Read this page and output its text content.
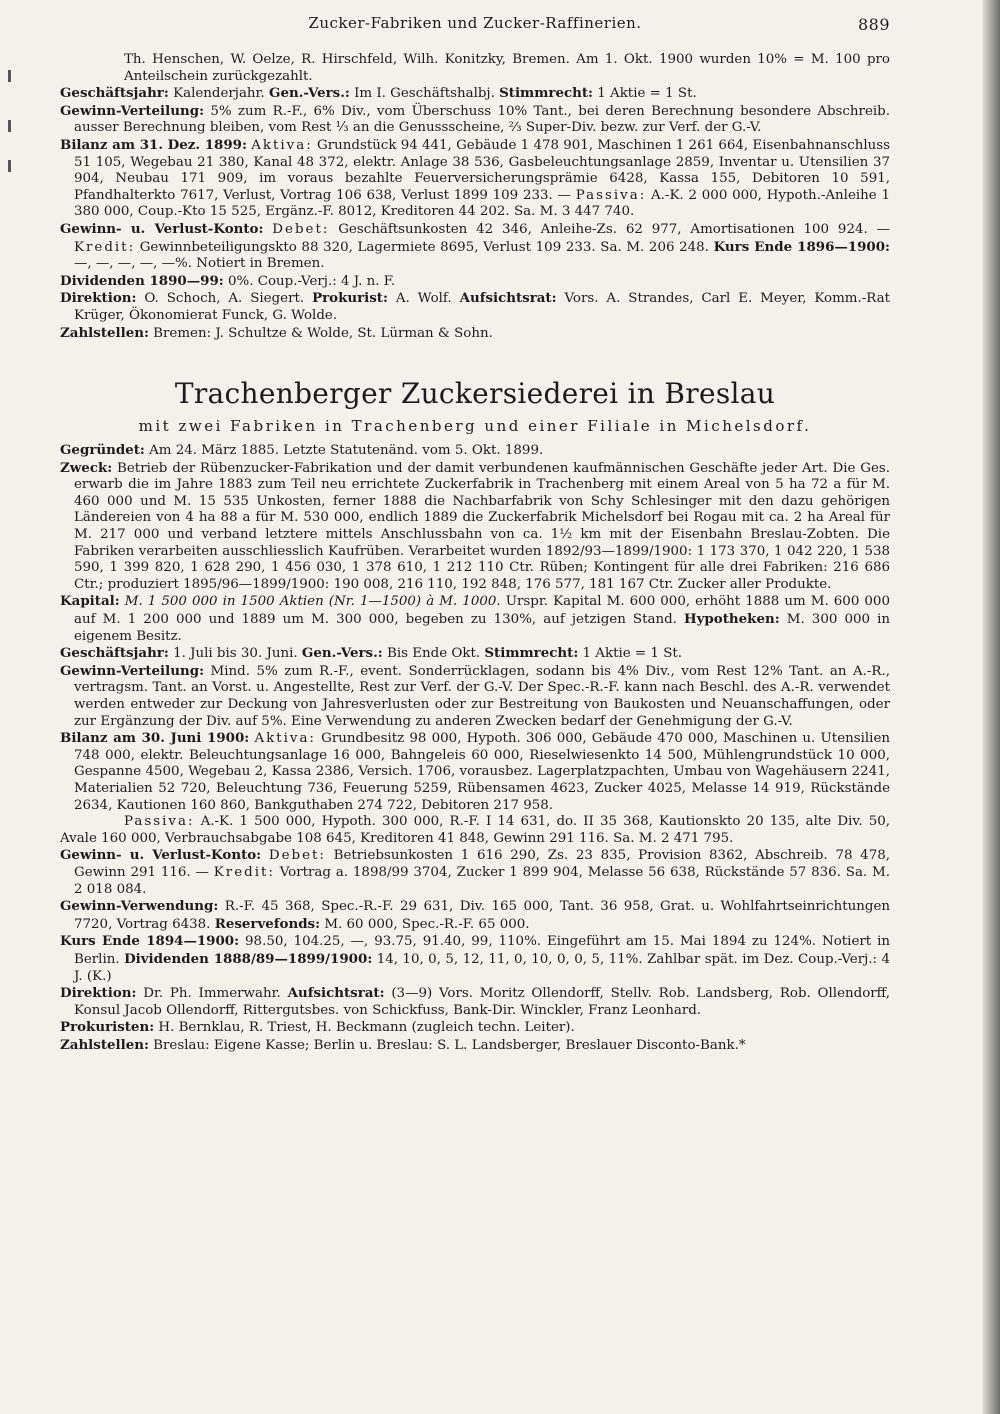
Zucker-Fabriken und Zucker-Raffinerien.	889

Th. Henschen, W. Oelze, R. Hirschfeld, Wilh. Konitzky, Bremen. Am 1. Okt. 1900 wurden 10% = M. 100 pro Anteilschein zurückgezahlt.

Geschäftsjahr: Kalenderjahr. Gen.-Vers.: Im I. Geschäftshalbj. Stimmrecht: 1 Aktie = 1 St.

Gewinn-Verteilung: 5% zum R.-F., 6% Div., vom Überschuss 10% Tant., bei deren Berechnung besondere Abschreib. ausser Berechnung bleiben, vom Rest ⅓ an die Genussscheine, ⅔ Super-Div. bezw. zur Verf. der G.-V.

Bilanz am 31. Dez. 1899: Aktiva: Grundstück 94 441, Gebäude 1 478 901, Maschinen 1 261 664, Eisenbahnanschluss 51 105, Wegebau 21 380, Kanal 48 372, elektr. Anlage 38 536, Gasbeleuchtungsanlage 2859, Inventar u. Utensilien 37 904, Neubau 171 909, im voraus bezahlte Feuerversicherungsprämie 6428, Kassa 155, Debitoren 10 591, Pfandhalterkto 7617, Verlust, Vortrag 106 638, Verlust 1899 109 233. — Passiva: A.-K. 2 000 000, Hypoth.-Anleihe 1 380 000, Coup.-Kto 15 525, Ergänz.-F. 8012, Kreditoren 44 202. Sa. M. 3 447 740.

Gewinn- u. Verlust-Konto: Debet: Geschäftsunkosten 42 346, Anleihe-Zs. 62 977, Amortisationen 100 924. — Kredit: Gewinnbeteiligungskto 88 320, Lagermiete 8695, Verlust 109 233. Sa. M. 206 248. Kurs Ende 1896—1900: —, —, —, —, —%. Notiert in Bremen.

Dividenden 1890—99: 0%. Coup.-Verj.: 4 J. n. F.

Direktion: O. Schoch, A. Siegert. Prokurist: A. Wolf. Aufsichtsrat: Vors. A. Strandes, Carl E. Meyer, Komm.-Rat Krüger, Ökonomierat Funck, G. Wolde.

Zahlstellen: Bremen: J. Schultze & Wolde, St. Lürman & Sohn.

Trachenberger Zuckersiederei in Breslau
mit zwei Fabriken in Trachenberg und einer Filiale in Michelsdorf.

Gegründet: Am 24. März 1885. Letzte Statutenänd. vom 5. Okt. 1899.

Zweck: Betrieb der Rübenzucker-Fabrikation und der damit verbundenen kaufmännischen Geschäfte jeder Art. Die Ges. erwarb die im Jahre 1883 zum Teil neu errichtete Zuckerfabrik in Trachenberg mit einem Areal von 5 ha 72 a für M. 460 000 und M. 15 535 Unkosten, ferner 1888 die Nachbarfabrik von Schy Schlesinger mit den dazu gehörigen Ländereien von 4 ha 88 a für M. 530 000, endlich 1889 die Zuckerfabrik Michelsdorf bei Rogau mit ca. 2 ha Areal für M. 217 000 und verband letztere mittels Anschlussbahn von ca. 1½ km mit der Eisenbahn Breslau-Zobten. Die Fabriken verarbeiten ausschliesslich Kaufrüben. Verarbeitet wurden 1892/93—1899/1900: 1 173 370, 1 042 220, 1 538 590, 1 399 820, 1 628 290, 1 456 030, 1 378 610, 1 212 110 Ctr. Rüben; Kontingent für alle drei Fabriken: 216 686 Ctr.; produziert 1895/96—1899/1900: 190 008, 216 110, 192 848, 176 577, 181 167 Ctr. Zucker aller Produkte.

Kapital: M. 1 500 000 in 1500 Aktien (Nr. 1—1500) à M. 1000. Urspr. Kapital M. 600 000, erhöht 1888 um M. 600 000 auf M. 1 200 000 und 1889 um M. 300 000, begeben zu 130%, auf jetzigen Stand. Hypotheken: M. 300 000 in eigenem Besitz.

Geschäftsjahr: 1. Juli bis 30. Juni. Gen.-Vers.: Bis Ende Okt. Stimmrecht: 1 Aktie = 1 St.

Gewinn-Verteilung: Mind. 5% zum R.-F., event. Sonderrücklagen, sodann bis 4% Div., vom Rest 12% Tant. an A.-R., vertragsm. Tant. an Vorst. u. Angestellte, Rest zur Verf. der G.-V. Der Spec.-R.-F. kann nach Beschl. des A.-R. verwendet werden entweder zur Deckung von Jahresverlusten oder zur Bestreitung von Baukosten und Neuanschaffungen, oder zur Ergänzung der Div. auf 5%. Eine Verwendung zu anderen Zwecken bedarf der Genehmigung der G.-V.

Bilanz am 30. Juni 1900: Aktiva: Grundbesitz 98 000, Hypoth. 306 000, Gebäude 470 000, Maschinen u. Utensilien 748 000, elektr. Beleuchtungsanlage 16 000, Bahngeleis 60 000, Rieselwiesenkto 14 500, Mühlengrundstück 10 000, Gespanne 4500, Wegebau 2, Kassa 2386, Versich. 1706, vorausbez. Lagerplatzpachten, Umbau von Wagehäusern 2241, Materialien 52 720, Beleuchtung 736, Feuerung 5259, Rübensamen 4623, Zucker 4025, Melasse 14 919, Rückstände 2634, Kautionen 160 860, Bankguthaben 274 722, Debitoren 217 958.

Passiva: A.-K. 1 500 000, Hypoth. 300 000, R.-F. I 14 631, do. II 35 368, Kautionskto 20 135, alte Div. 50, Avale 160 000, Verbrauchsabgabe 108 645, Kreditoren 41 848, Gewinn 291 116. Sa. M. 2 471 795.

Gewinn- u. Verlust-Konto: Debet: Betriebsunkosten 1 616 290, Zs. 23 835, Provision 8362, Abschreib. 78 478, Gewinn 291 116. — Kredit: Vortrag a. 1898/99 3704, Zucker 1 899 904, Melasse 56 638, Rückstände 57 836. Sa. M. 2 018 084.

Gewinn-Verwendung: R.-F. 45 368, Spec.-R.-F. 29 631, Div. 165 000, Tant. 36 958, Grat. u. Wohlfahrtseinrichtungen 7720, Vortrag 6438. Reservefonds: M. 60 000, Spec.-R.-F. 65 000.

Kurs Ende 1894—1900: 98.50, 104.25, —, 93.75, 91.40, 99, 110%. Eingeführt am 15. Mai 1894 zu 124%. Notiert in Berlin. Dividenden 1888/89—1899/1900: 14, 10, 0, 5, 12, 11, 0, 10, 0, 0, 5, 11%. Zahlbar spät. im Dez. Coup.-Verj.: 4 J. (K.)

Direktion: Dr. Ph. Immerwahr. Aufsichtsrat: (3—9) Vors. Moritz Ollendorff, Stellv. Rob. Landsberg, Rob. Ollendorff, Konsul Jacob Ollendorff, Rittergutsbes. von Schickfuss, Bank-Dir. Winckler, Franz Leonhard.

Prokuristen: H. Bernklau, R. Triest, H. Beckmann (zugleich techn. Leiter).

Zahlstellen: Breslau: Eigene Kasse; Berlin u. Breslau: S. L. Landsberger, Breslauer Disconto-Bank.*
